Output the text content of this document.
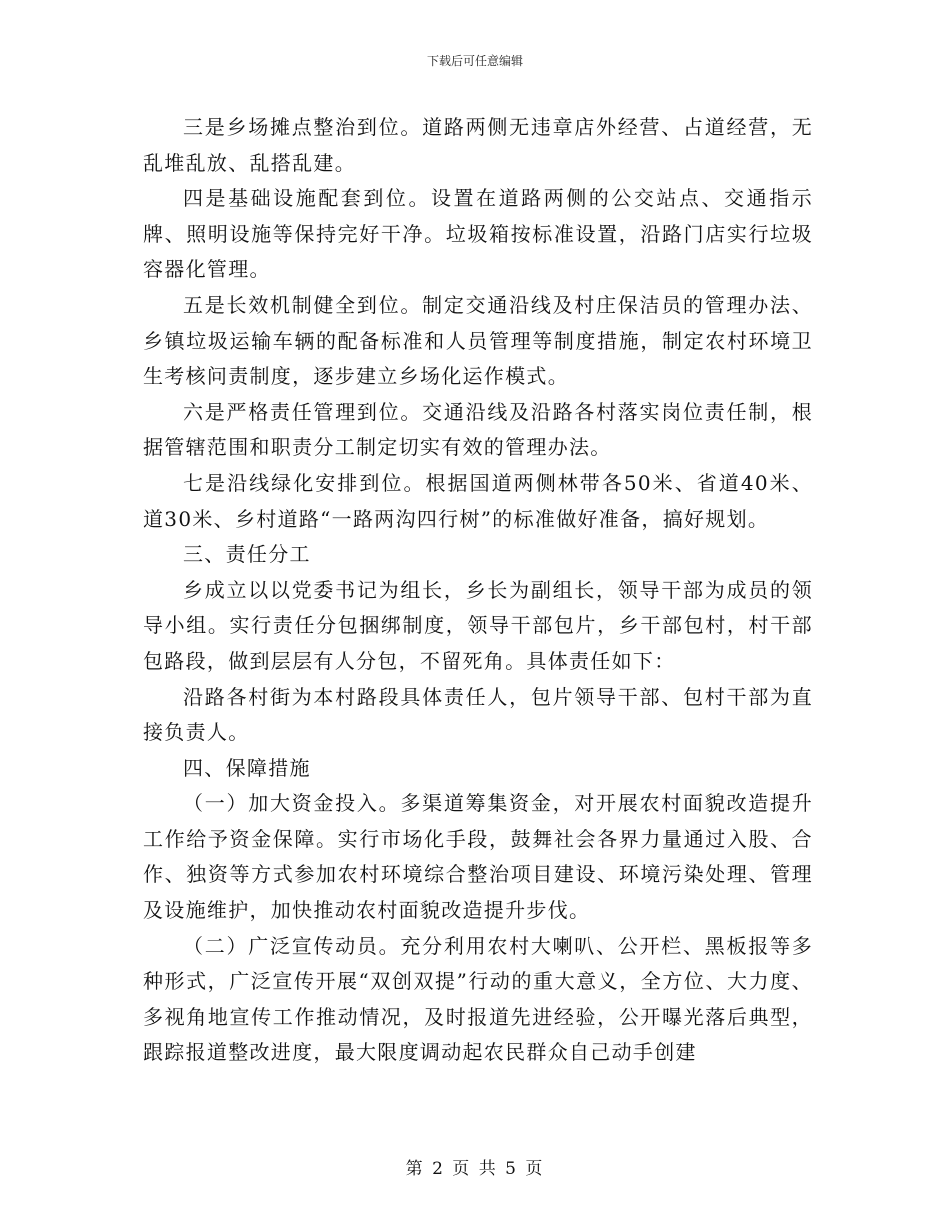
下载后可任意编辑

三是乡场摊点整治到位。道路两侧无违章店外经营、占道经营，无乱堆乱放、乱搭乱建。

四是基础设施配套到位。设置在道路两侧的公交站点、交通指示牌、照明设施等保持完好干净。垃圾箱按标准设置，沿路门店实行垃圾容器化管理。

五是长效机制健全到位。制定交通沿线及村庄保洁员的管理办法、乡镇垃圾运输车辆的配备标准和人员管理等制度措施，制定农村环境卫生考核问责制度，逐步建立乡场化运作模式。

六是严格责任管理到位。交通沿线及沿路各村落实岗位责任制，根据管辖范围和职责分工制定切实有效的管理办法。

七是沿线绿化安排到位。根据国道两侧林带各50米、省道40米、道30米、乡村道路“一路两沟四行树”的标准做好准备，搞好规划。

三、责任分工

乡成立以以党委书记为组长，乡长为副组长，领导干部为成员的领导小组。实行责任分包捆绑制度，领导干部包片，乡干部包村，村干部包路段，做到层层有人分包，不留死角。具体责任如下：

沿路各村街为本村路段具体责任人，包片领导干部、包村干部为直接负责人。

四、保障措施

（一）加大资金投入。多渠道筹集资金，对开展农村面貌改造提升工作给予资金保障。实行市场化手段，鼓舞社会各界力量通过入股、合作、独资等方式参加农村环境综合整治项目建设、环境污染处理、管理及设施维护，加快推动农村面貌改造提升步伐。

（二）广泛宣传动员。充分利用农村大喇叭、公开栏、黑板报等多种形式，广泛宣传开展“双创双提”行动的重大意义，全方位、大力度、多视角地宣传工作推动情况，及时报道先进经验，公开曝光落后典型，跟踪报道整改进度，最大限度调动起农民群众自己动手创建

第 2 页 共 5 页
